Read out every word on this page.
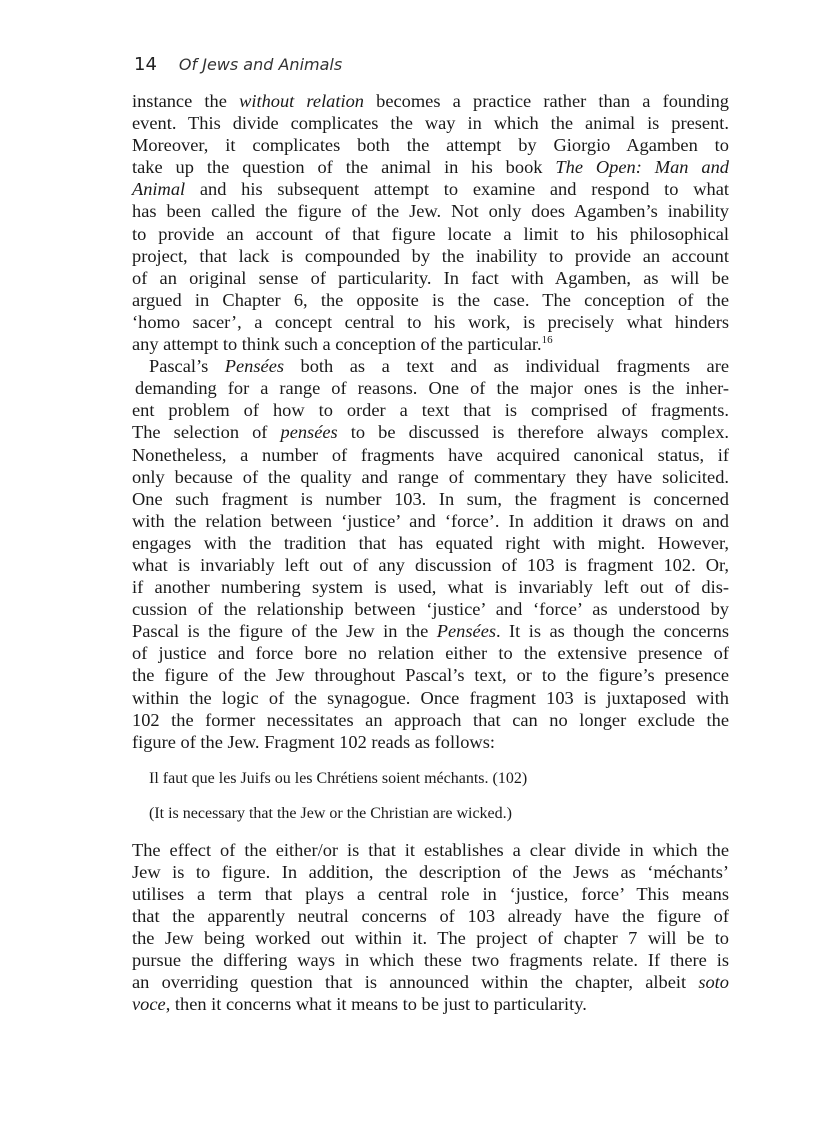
14 Of Jews and Animals
instance the without relation becomes a practice rather than a founding
event. This divide complicates the way in which the animal is present.
Moreover, it complicates both the attempt by Giorgio Agamben to
take up the question of the animal in his book The Open: Man and
Animal and his subsequent attempt to examine and respond to what
has been called the figure of the Jew. Not only does Agamben’s inability
to provide an account of that figure locate a limit to his philosophical
project, that lack is compounded by the inability to provide an account
of an original sense of particularity. In fact with Agamben, as will be
argued in Chapter 6, the opposite is the case. The conception of the
‘homo sacer’, a concept central to his work, is precisely what hinders
any attempt to think such a conception of the particular.$^{16}$
Pascal’s Pensées both as a text and as individual fragments are
demanding for a range of reasons. One of the major ones is the inher-
ent problem of how to order a text that is comprised of fragments.
The selection of pensées to be discussed is therefore always complex.
Nonetheless, a number of fragments have acquired canonical status, if
only because of the quality and range of commentary they have solicited.
One such fragment is number 103. In sum, the fragment is concerned
with the relation between ‘justice’ and ‘force’. In addition it draws on and
engages with the tradition that has equated right with might. However,
what is invariably left out of any discussion of 103 is fragment 102. Or,
if another numbering system is used, what is invariably left out of dis-
cussion of the relationship between ‘justice’ and ‘force’ as understood by
Pascal is the figure of the Jew in the Pensées. It is as though the concerns
of justice and force bore no relation either to the extensive presence of
the figure of the Jew throughout Pascal’s text, or to the figure’s presence
within the logic of the synagogue. Once fragment 103 is juxtaposed with
102 the former necessitates an approach that can no longer exclude the
figure of the Jew. Fragment 102 reads as follows:
Il faut que les Juifs ou les Chrétiens soient méchants. (102)
(It is necessary that the Jew or the Christian are wicked.)
The effect of the either/or is that it establishes a clear divide in which the
Jew is to figure. In addition, the description of the Jews as ‘méchants’
utilises a term that plays a central role in ‘justice, force’ This means
that the apparently neutral concerns of 103 already have the figure of
the Jew being worked out within it. The project of chapter 7 will be to
pursue the differing ways in which these two fragments relate. If there is
an overriding question that is announced within the chapter, albeit soto
voce, then it concerns what it means to be just to particularity.
